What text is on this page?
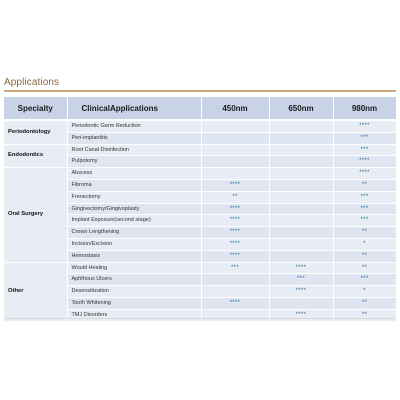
Applications
Specialty	ClinicalApplications	450nm	650nm	980nm
Periodontology	Periodontic Germ Reduction			****
	Peri-implantitis			***
Endodontics	Root Canal Disinfection			***
	Pulpotomy			****
Oral Surgery	Abscess			****
	Fibroma	****		**
	Frenectomy	**		***
	Gingivectomy/Gingivoplasty	****		***
	Implant Exposure(second stage)	****		***
	Crown Lengthening	****		**
	Incision/Excision	****		*
	Hemostasis	****		**
Other	Would Healing	***	****	**
	Aphthous Ulcers		***	***
	Desensitization		****	*
	Tooth Whitening	****		**
	TMJ Disorders		****	**
